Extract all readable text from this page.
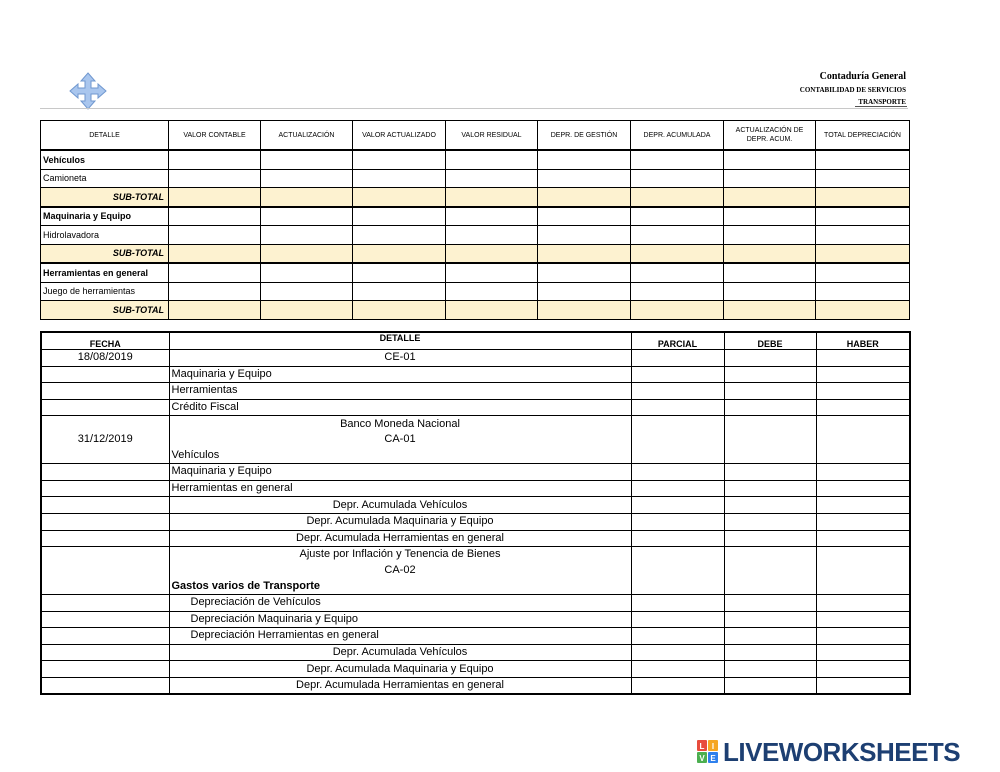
Contaduría General
CONTABILIDAD DE SERVICIOS
TRANSPORTE
DETALLE	VALOR CONTABLE	ACTUALIZACIÓN	VALOR ACTUALIZADO	VALOR RESIDUAL	DEPR. DE GESTIÓN	DEPR. ACUMULADA	ACTUALIZACIÓN DE DEPR. ACUM.	TOTAL DEPRECIACIÓN
Vehículos								
Camioneta								
SUB-TOTAL								
Maquinaria y Equipo								
Hidrolavadora								
SUB-TOTAL								
Herramientas en general								
Juego de herramientas								
SUB-TOTAL								
FECHA	DETALLE	PARCIAL	DEBE	HABER
18/08/2019	CE-01			
	Maquinaria y Equipo			
	Herramientas			
	Crédito Fiscal			
	Banco Moneda Nacional			
31/12/2019	CA-01			
	Vehículos			
	Maquinaria y Equipo			
	Herramientas en general			
	Depr. Acumulada Vehículos			
	Depr. Acumulada Maquinaria y Equipo			
	Depr. Acumulada Herramientas en general			
	Ajuste por Inflación y Tenencia de Bienes			
	CA-02			
	Gastos varios de Transporte			
	Depreciación de Vehículos			
	Depreciación Maquinaria y Equipo			
	Depreciación Herramientas en general			
	Depr. Acumulada Vehículos			
	Depr. Acumulada Maquinaria y Equipo			
	Depr. Acumulada Herramientas en general			
L I
V E LIVEWORKSHEETS
